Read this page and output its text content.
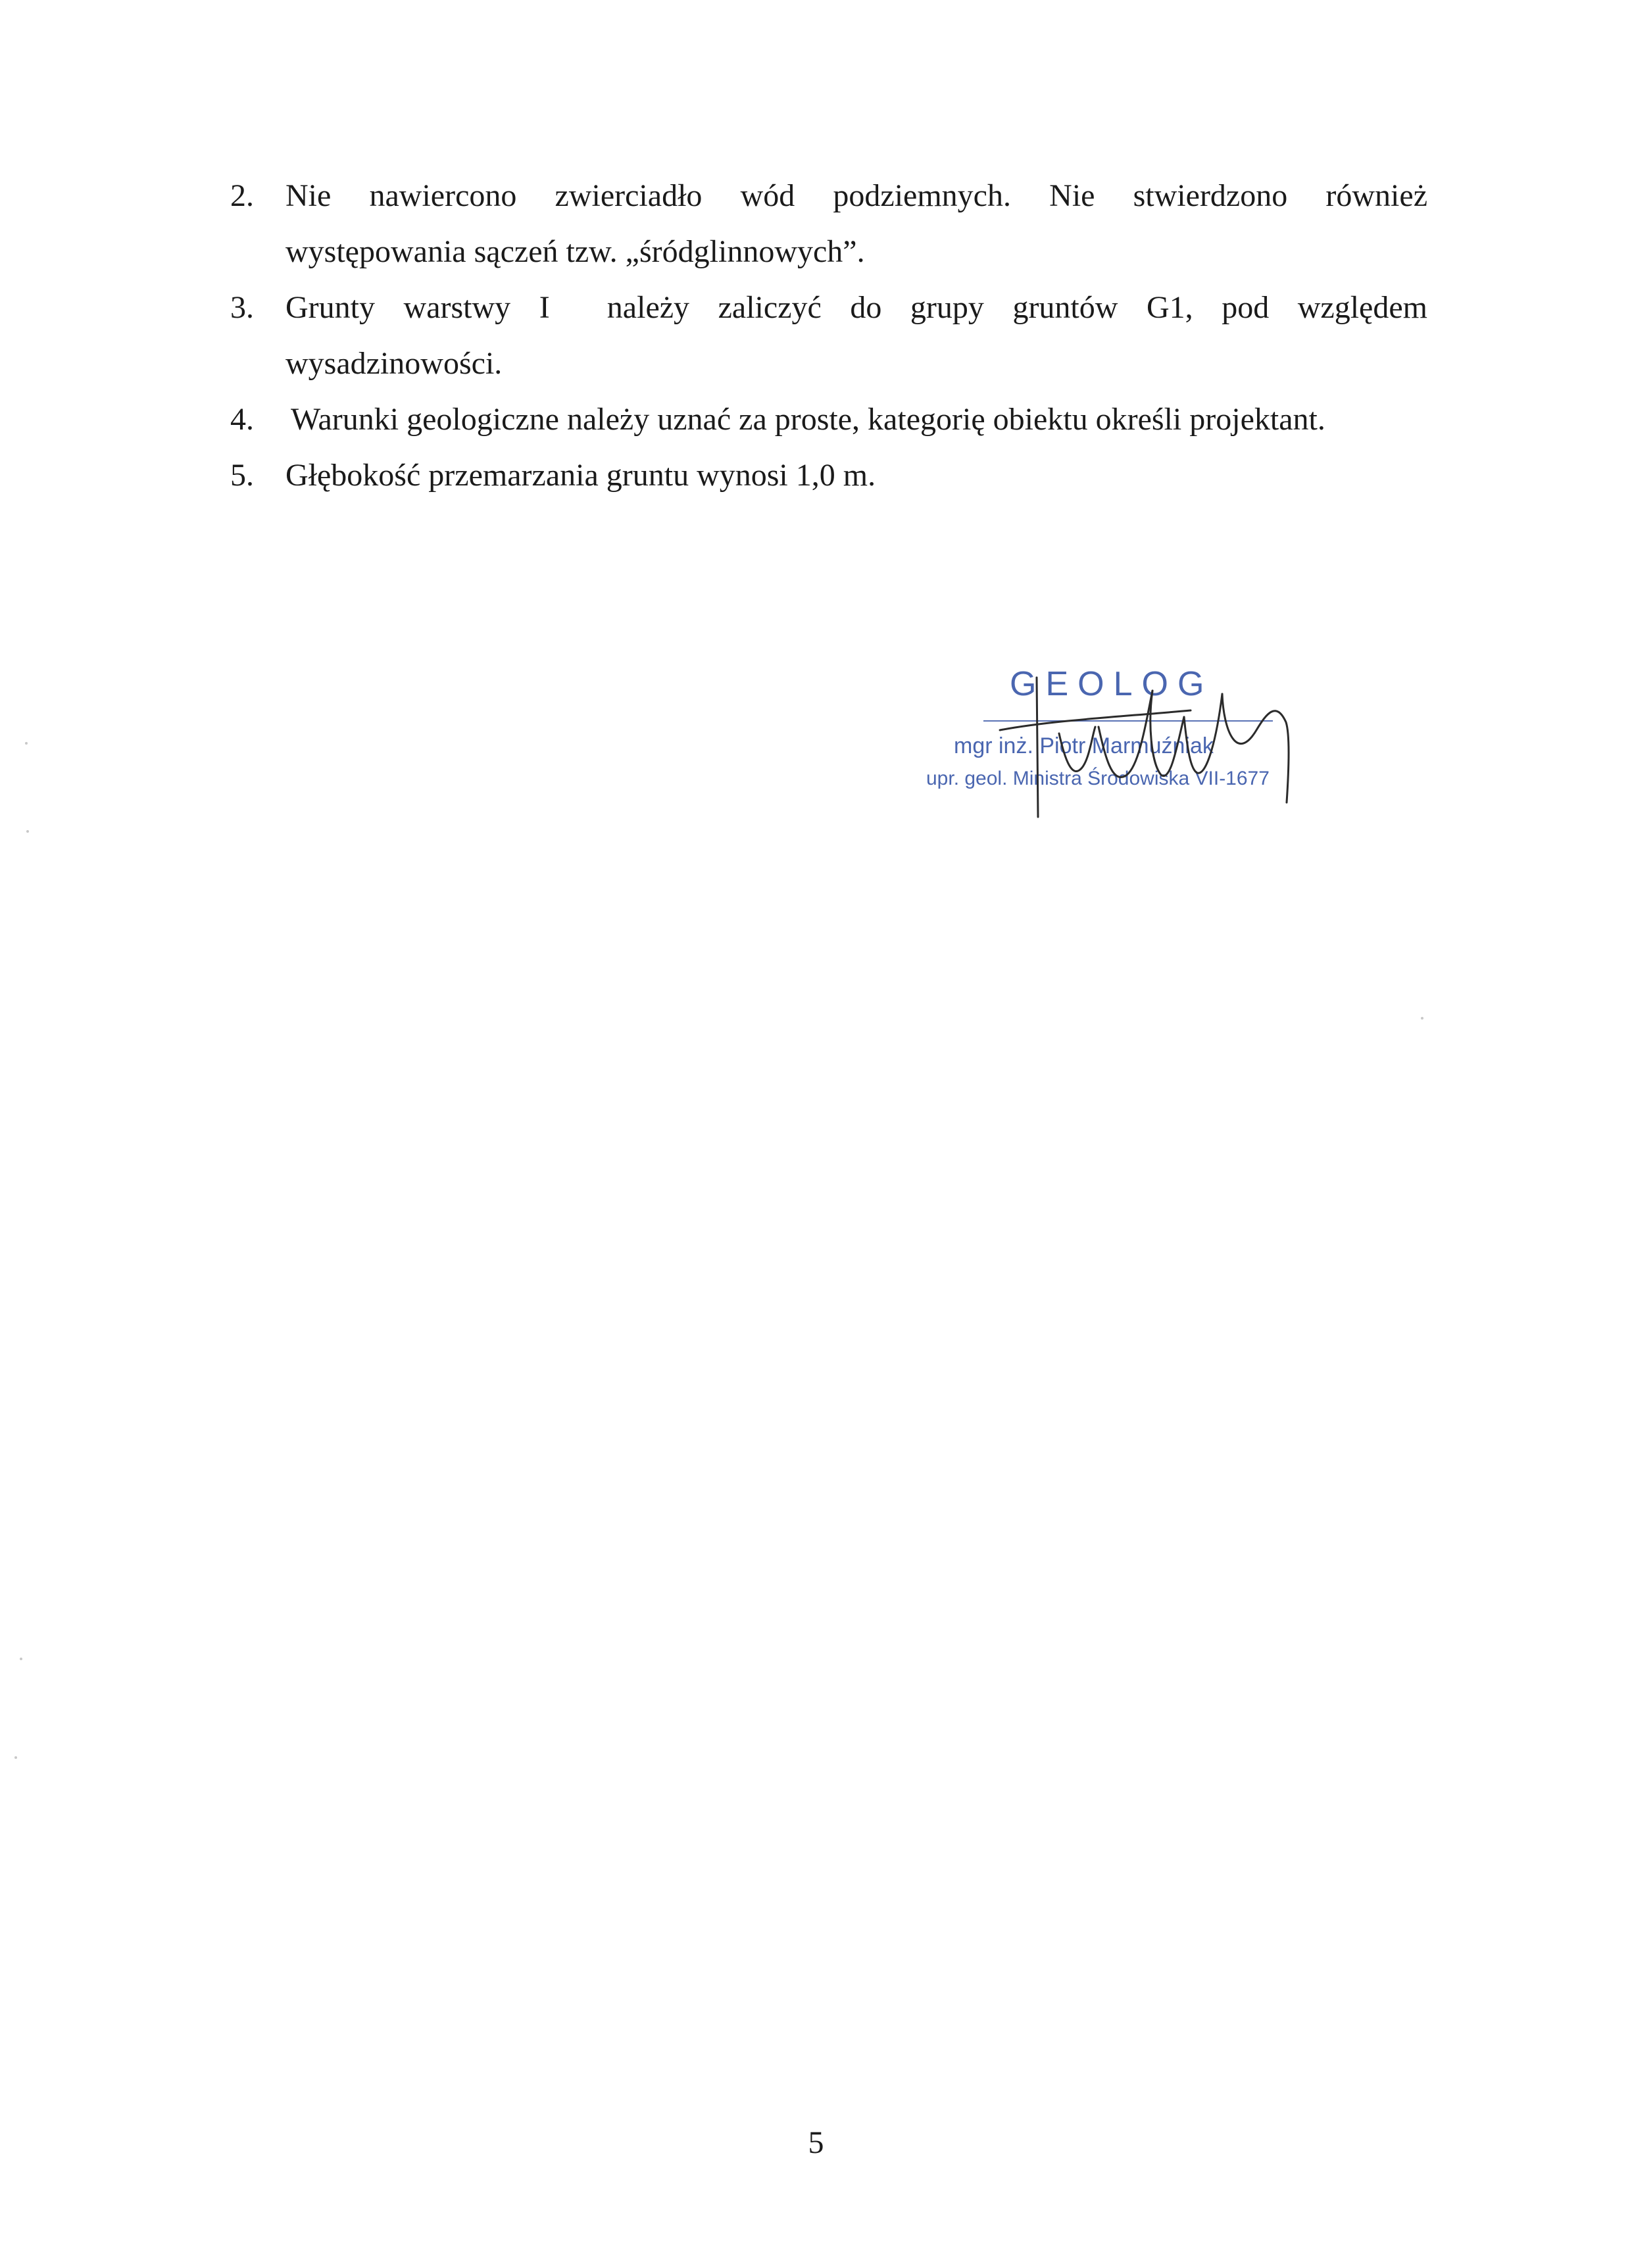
2. Nie nawiercono zwierciadło wód podziemnych. Nie stwierdzono również
występowania sączeń tzw. „śródglinnowych”.
3. Grunty warstwy I  należy zaliczyć do grupy gruntów G1, pod względem
wysadzinowości.
4. Warunki geologiczne należy uznać za proste, kategorię obiektu określi projektant.
5. Głębokość przemarzania gruntu wynosi 1,0 m.
GEOLOG
mgr inż. Piotr Marmuźniak
upr. geol. Ministra Środowiska VII-1677
5
